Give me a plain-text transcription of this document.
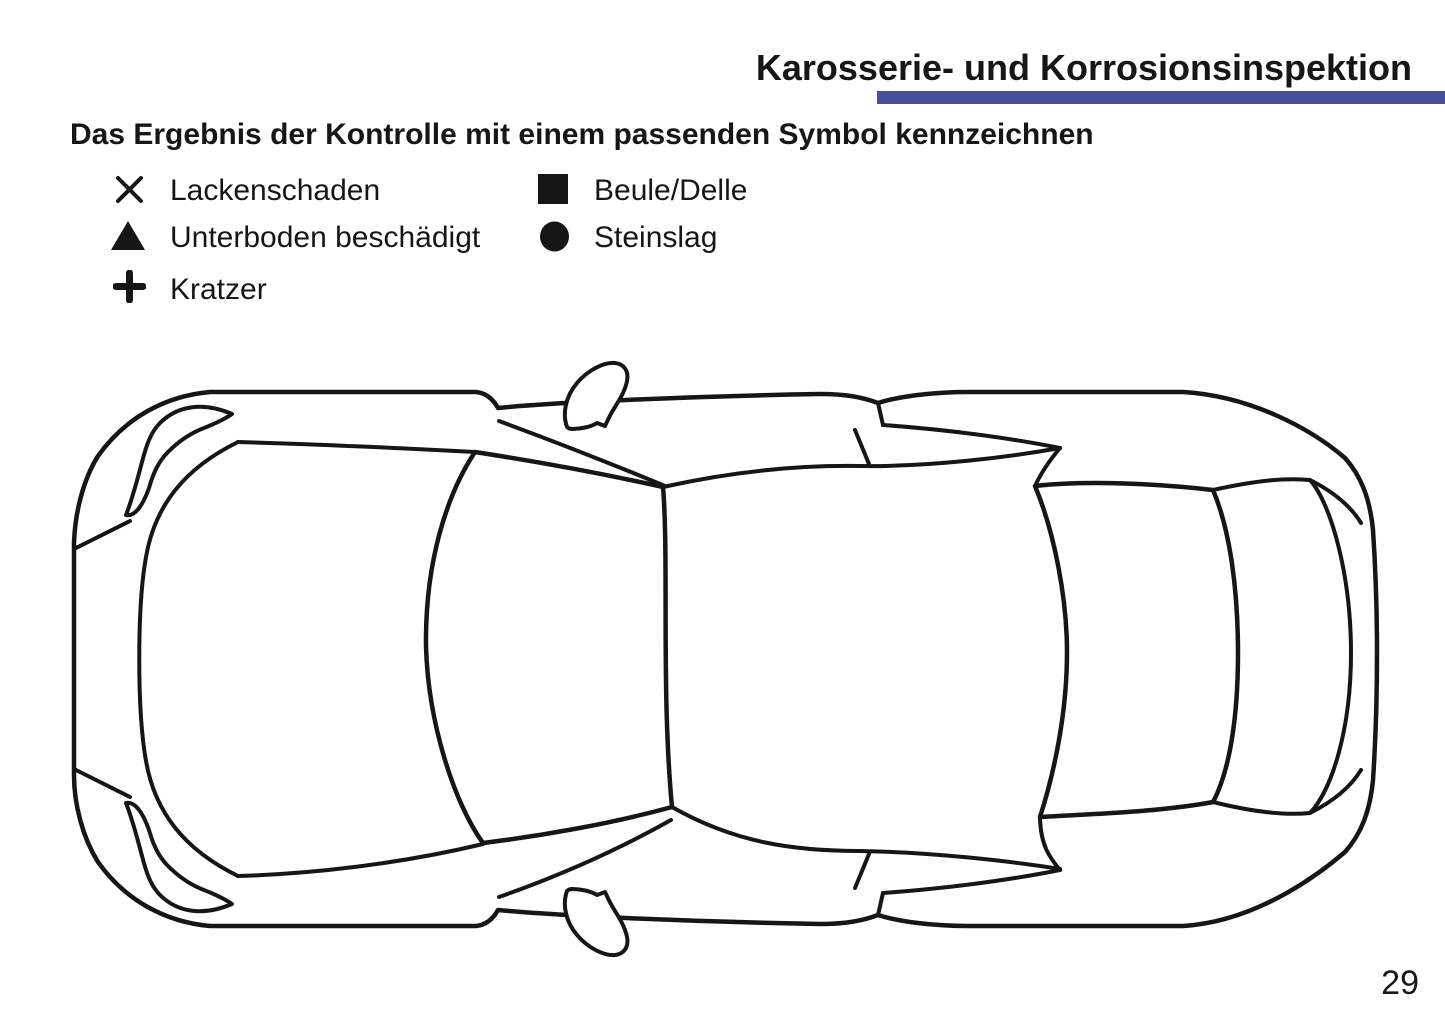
Karosserie- und Korrosionsinspektion
Das Ergebnis der Kontrolle mit einem passenden Symbol kennzeichnen
Lackenschaden
Unterboden beschädigt
Kratzer
Beule/Delle
Steinslag
29
